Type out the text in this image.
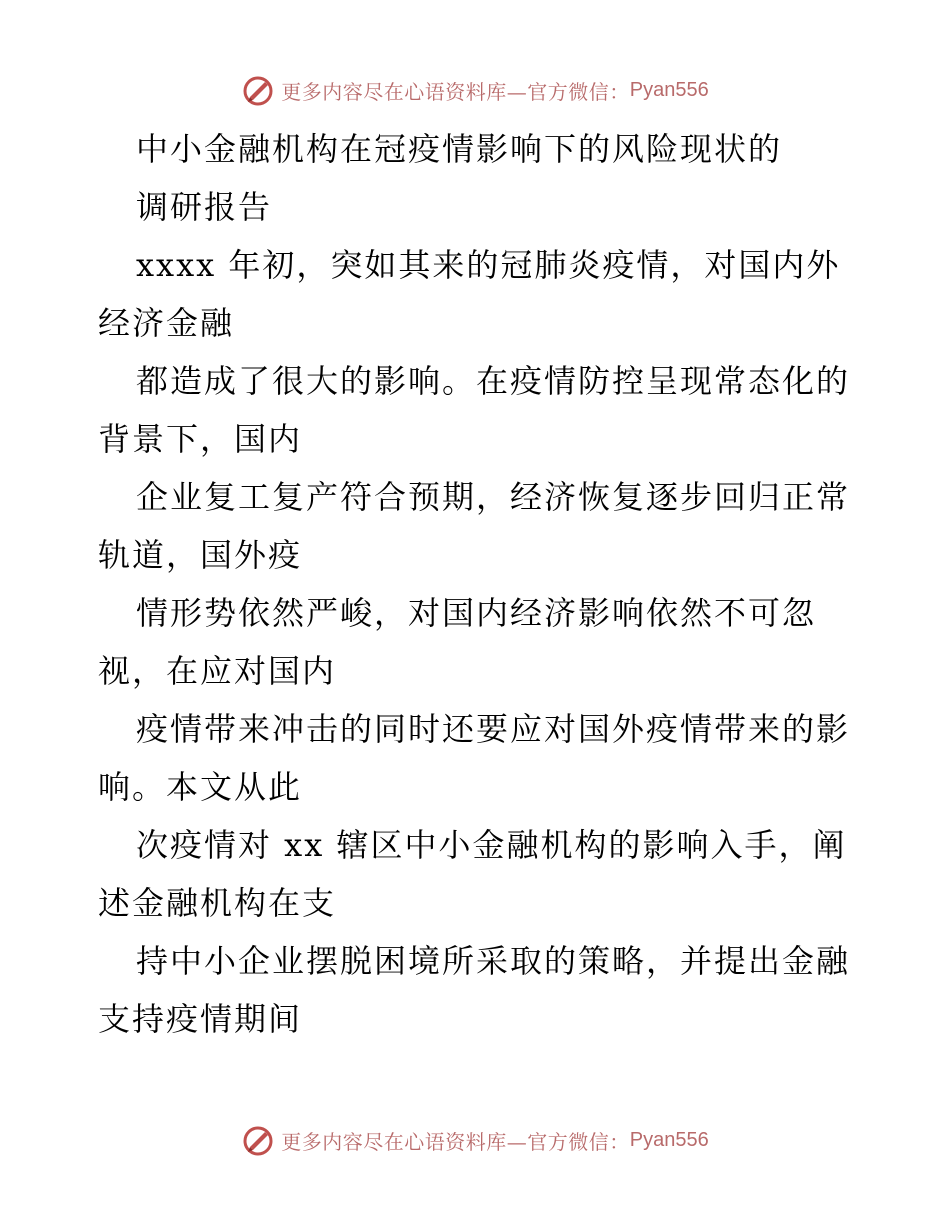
更多内容尽在心语资料库—官方微信： Pyan556
中小金融机构在冠疫情影响下的风险现状的
调研报告
xxxx 年初，突如其来的冠肺炎疫情，对国内外
经济金融
都造成了很大的影响。在疫情防控呈现常态化的
背景下，国内
企业复工复产符合预期，经济恢复逐步回归正常
轨道，国外疫
情形势依然严峻，对国内经济影响依然不可忽
视，在应对国内
疫情带来冲击的同时还要应对国外疫情带来的影
响。本文从此
次疫情对 xx 辖区中小金融机构的影响入手，阐
述金融机构在支
持中小企业摆脱困境所采取的策略，并提出金融
支持疫情期间
更多内容尽在心语资料库—官方微信： Pyan556
